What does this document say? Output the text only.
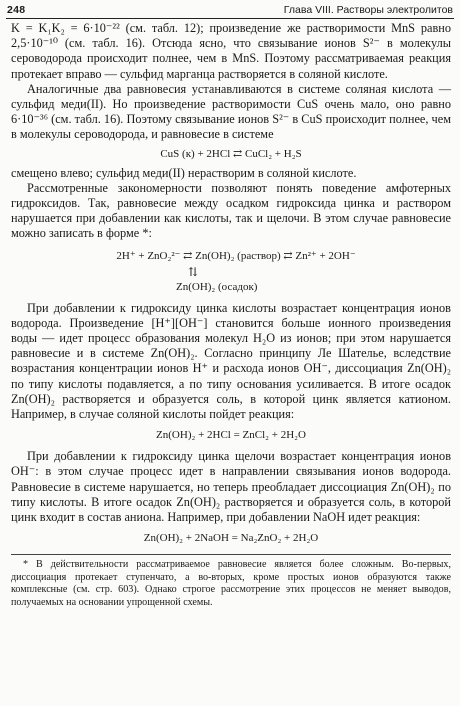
248	Глава VIII. Растворы электролитов

K = K₁K₂ = 6·10⁻²² (см. табл. 12); произведение же растворимости MnS равно 2,5·10⁻¹⁰ (см. табл. 16). Отсюда ясно, что связывание ионов S²⁻ в молекулы сероводорода происходит полнее, чем в MnS. Поэтому рассматриваемая реакция протекает вправо — сульфид марганца растворяется в соляной кислоте.

Аналогичные два равновесия устанавливаются в системе соляная кислота — сульфид меди(II). Но произведение растворимости CuS очень мало, оно равно 6·10⁻³⁶ (см. табл. 16). Поэтому связывание ионов S²⁻ в CuS происходит полнее, чем в молекулы сероводорода, и равновесие в системе

CuS (к) + 2HCl ⇄ CuCl₂ + H₂S

смещено влево; сульфид меди(II) нерастворим в соляной кислоте.

Рассмотренные закономерности позволяют понять поведение амфотерных гидроксидов. Так, равновесие между осадком гидроксида цинка и раствором нарушается при добавлении как кислоты, так и щелочи. В этом случае равновесие можно записать в форме *:

2H⁺ + ZnO₂²⁻ ⇄ Zn(OH)₂ (раствор) ⇄ Zn²⁺ + 2OH⁻
⇅
Zn(OH)₂ (осадок)

При добавлении к гидроксиду цинка кислоты возрастает концентрация ионов водорода. Произведение [H⁺][OH⁻] становится больше ионного произведения воды — идет процесс образования молекул H₂O из ионов; при этом нарушается равновесие и в системе Zn(OH)₂. Согласно принципу Ле Шателье, вследствие возрастания концентрации ионов H⁺ и расхода ионов OH⁻, диссоциация Zn(OH)₂ по типу кислоты подавляется, а по типу основания усиливается. В итоге осадок Zn(OH)₂ растворяется и образуется соль, в которой цинк является катионом. Например, в случае соляной кислоты пойдет реакция:

Zn(OH)₂ + 2HCl = ZnCl₂ + 2H₂O

При добавлении к гидроксиду цинка щелочи возрастает концентрация ионов OH⁻: в этом случае процесс идет в направлении связывания ионов водорода. Равновесие в системе нарушается, но теперь преобладает диссоциация Zn(OH)₂ по типу кислоты. В итоге осадок Zn(OH)₂ растворяется и образуется соль, в которой цинк входит в состав аниона. Например, при добавлении NaOH идет реакция:

Zn(OH)₂ + 2NaOH = Na₂ZnO₂ + 2H₂O

* В действительности рассматриваемое равновесие является более сложным. Во-первых, диссоциация протекает ступенчато, а во-вторых, кроме простых ионов образуются также комплексные (см. стр. 603). Однако строгое рассмотрение этих процессов не меняет выводов, получаемых на основании упрощенной схемы.
